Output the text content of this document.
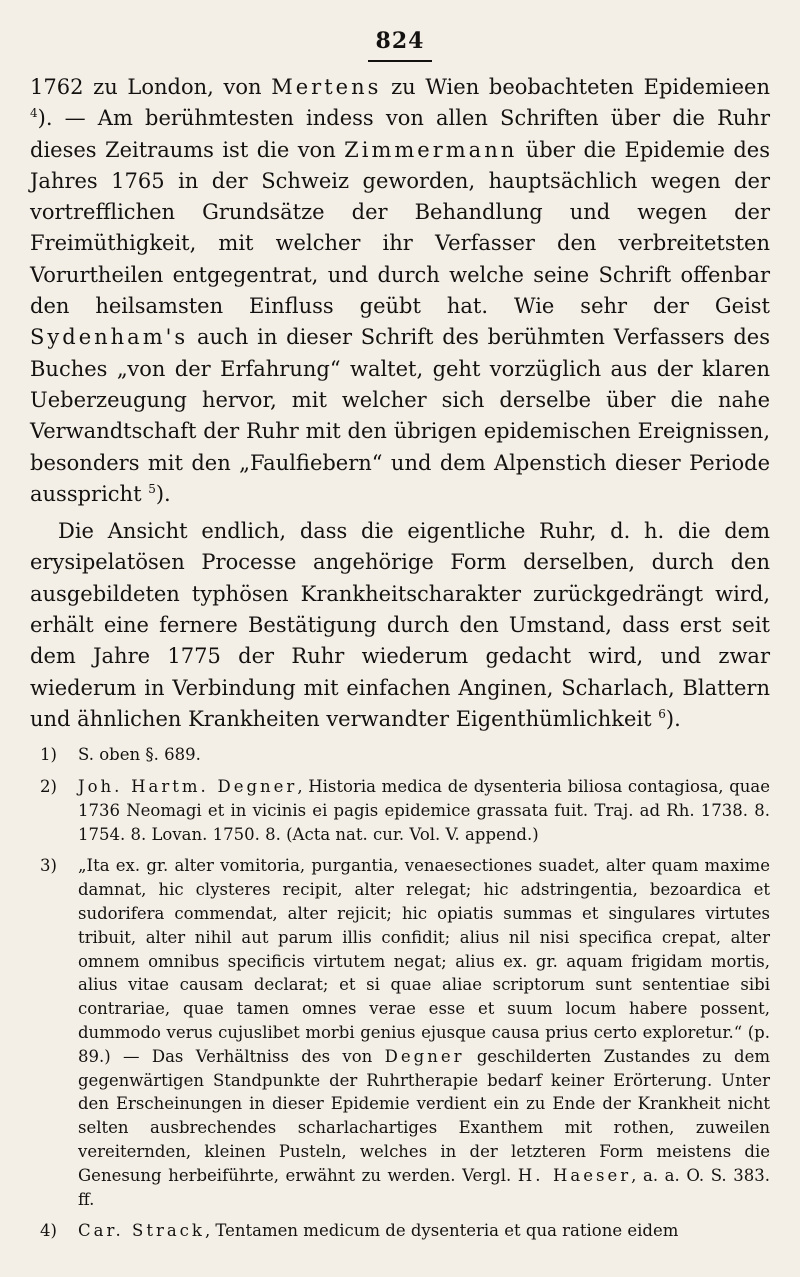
824

1762 zu London, von Mertens zu Wien beobachteten Epidemieen $^4$). — Am berühmtesten indess von allen Schriften über die Ruhr dieses Zeitraums ist die von Zimmermann über die Epidemie des Jahres 1765 in der Schweiz geworden, hauptsächlich wegen der vortrefflichen Grundsätze der Behandlung und wegen der Freimüthigkeit, mit welcher ihr Verfasser den verbreitetsten Vorurtheilen entgegentrat, und durch welche seine Schrift offenbar den heilsamsten Einfluss geübt hat. Wie sehr der Geist Sydenham's auch in dieser Schrift des berühmten Verfassers des Buches „von der Erfahrung“ waltet, geht vorzüglich aus der klaren Ueberzeugung hervor, mit welcher sich derselbe über die nahe Verwandtschaft der Ruhr mit den übrigen epidemischen Ereignissen, besonders mit den „Faulfiebern“ und dem Alpenstich dieser Periode ausspricht $^5$).

Die Ansicht endlich, dass die eigentliche Ruhr, d. h. die dem erysipelatösen Processe angehörige Form derselben, durch den ausgebildeten typhösen Krankheitscharakter zurückgedrängt wird, erhält eine fernere Bestätigung durch den Umstand, dass erst seit dem Jahre 1775 der Ruhr wiederum gedacht wird, und zwar wiederum in Verbindung mit einfachen Anginen, Scharlach, Blattern und ähnlichen Krankheiten verwandter Eigenthümlichkeit $^6$).

1)	S. oben §. 689.
2)	Joh. Hartm. Degner, Historia medica de dysenteria biliosa contagiosa, quae 1736 Neomagi et in vicinis ei pagis epidemice grassata fuit. Traj. ad Rh. 1738. 8. 1754. 8. Lovan. 1750. 8. (Acta nat. cur. Vol. V. append.)
3)	„Ita ex. gr. alter vomitoria, purgantia, venaesectiones suadet, alter quam maxime damnat, hic clysteres recipit, alter relegat; hic adstringentia, bezoardica et sudorifera commendat, alter rejicit; hic opiatis summas et singulares virtutes tribuit, alter nihil aut parum illis confidit; alius nil nisi specifica crepat, alter omnem omnibus specificis virtutem negat; alius ex. gr. aquam frigidam mortis, alius vitae causam declarat; et si quae aliae scriptorum sunt sententiae sibi contrariae, quae tamen omnes verae esse et suum locum habere possent, dummodo verus cujuslibet morbi genius ejusque causa prius certo exploretur.“ (p. 89.) — Das Verhältniss des von Degner geschilderten Zustandes zu dem gegenwärtigen Standpunkte der Ruhrtherapie bedarf keiner Erörterung. Unter den Erscheinungen in dieser Epidemie verdient ein zu Ende der Krankheit nicht selten ausbrechendes scharlachartiges Exanthem mit rothen, zuweilen vereiternden, kleinen Pusteln, welches in der letzteren Form meistens die Genesung herbeiführte, erwähnt zu werden. Vergl. H. Haeser, a. a. O. S. 383. ff.
4)	Car. Strack, Tentamen medicum de dysenteria et qua ratione eidem
